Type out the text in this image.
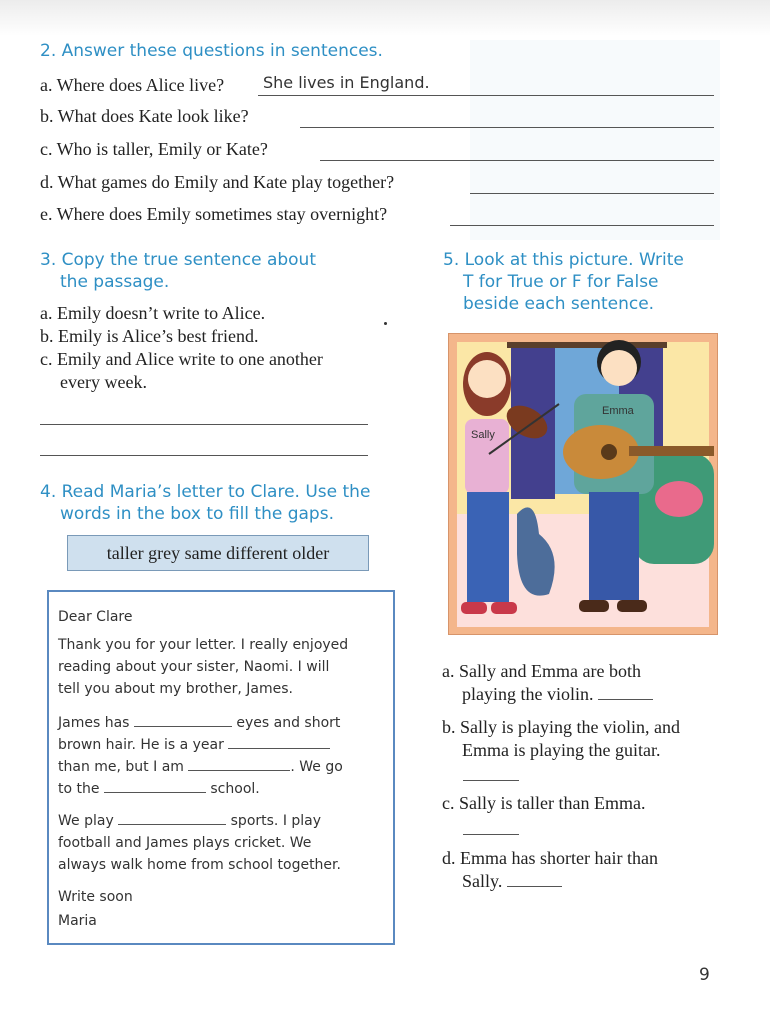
2. Answer these questions in sentences.
a. Where does Alice live? She lives in England.
b. What does Kate look like?
c. Who is taller, Emily or Kate?
d. What games do Emily and Kate play together?
e. Where does Emily sometimes stay overnight?
3. Copy the true sentence about
the passage.
a. Emily doesn’t write to Alice.
b. Emily is Alice’s best friend.
c. Emily and Alice write to one another
every week.
4. Read Maria’s letter to Clare. Use the
words in the box to fill the gaps.
taller grey same different older
Dear Clare
Thank you for your letter. I really enjoyed
reading about your sister, Naomi. I will
tell you about my brother, James.
James has	eyes and short
brown hair. He is a year
than me, but I am	. We go
to the	school.
We play	sports. I play
football and James plays cricket. We
always walk home from school together.
Write soon
Maria
5. Look at this picture. Write
T for True or F for False
beside each sentence.
Sally
Emma
a. Sally and Emma are both
playing the violin.
b. Sally is playing the violin, and
Emma is playing the guitar.
c. Sally is taller than Emma.
d. Emma has shorter hair than
Sally.
9
